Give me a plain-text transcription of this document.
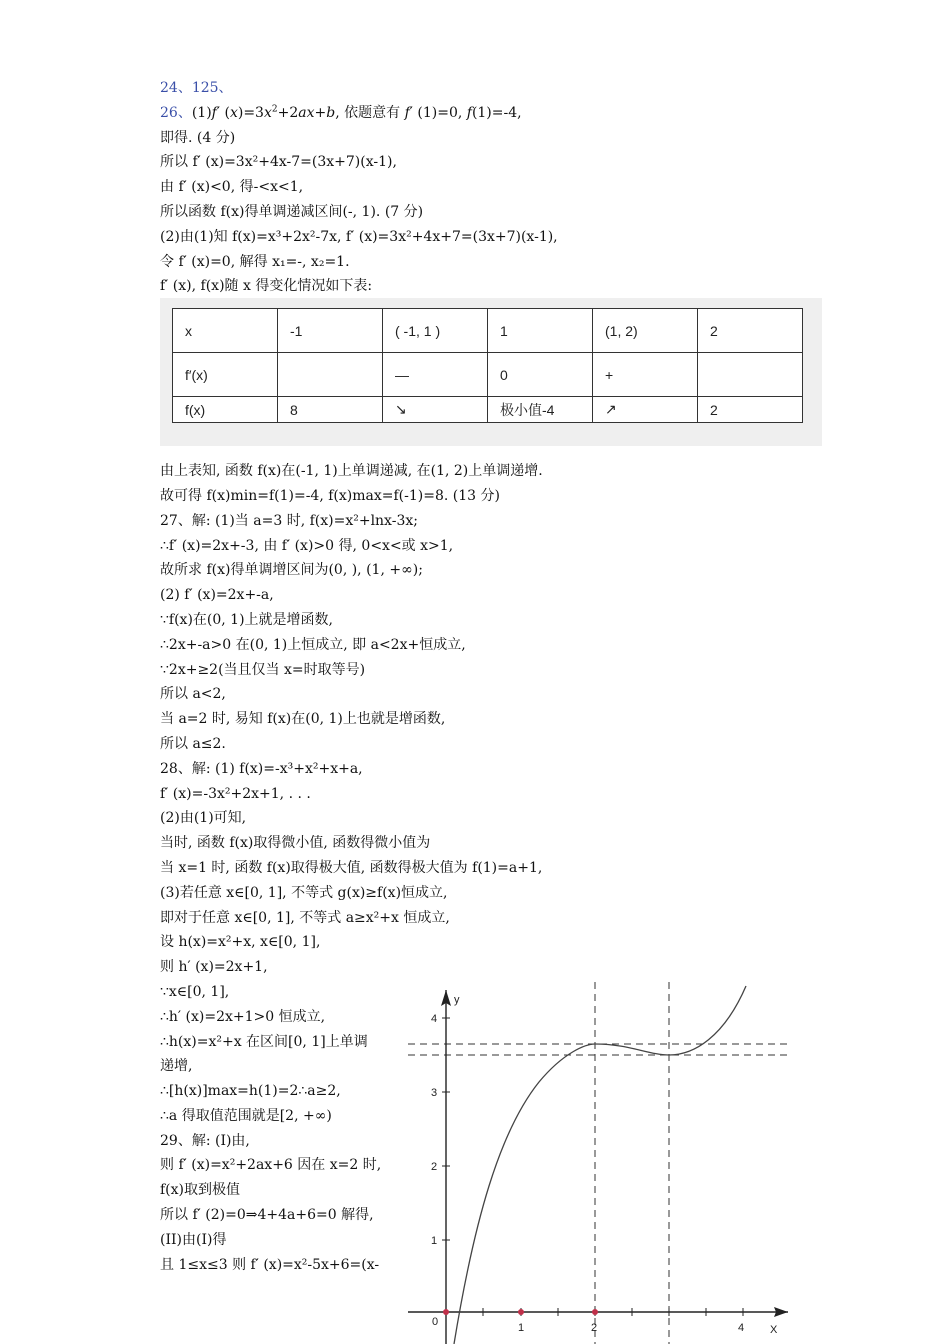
24、125、
26、(1)f′ $(x)=3x^2+2ax+b$, 依题意有 f′ (1)=0, f(1)=-4,
即得. (4 分)
所以 f′ (x)=3x²+4x-7=(3x+7)(x-1),
由 f′ (x)<0, 得-<x<1,
所以函数 f(x)得单调递减区间(-, 1). (7 分)
(2)由(1)知 f(x)=x³+2x²-7x, f′ (x)=3x²+4x+7=(3x+7)(x-1),
令 f′ (x)=0, 解得 x₁=-, x₂=1.
f′ (x), f(x)随 x 得变化情况如下表:
由上表知, 函数 f(x)在(-1, 1)上单调递减, 在(1, 2)上单调递增.
故可得 f(x)min=f(1)=-4, f(x)max=f(-1)=8. (13 分)
27、解: (1)当 a=3 时, f(x)=x²+lnx-3x;
∴f′ (x)=2x+-3, 由 f′ (x)>0 得, 0<x<或 x>1,
故所求 f(x)得单调增区间为(0, ), (1, +∞);
(2) f′ (x)=2x+-a,
∵f(x)在(0, 1)上就是增函数,
∴2x+-a>0 在(0, 1)上恒成立, 即 a<2x+恒成立,
∵2x+≥2(当且仅当 x=时取等号)
所以 a<2,
当 a=2 时, 易知 f(x)在(0, 1)上也就是增函数,
所以 a≤2.
28、解: (1) f(x)=-x³+x²+x+a,
f′ (x)=-3x²+2x+1, . . .
(2)由(1)可知,
当时, 函数 f(x)取得微小值, 函数得微小值为
当 x=1 时, 函数 f(x)取得极大值, 函数得极大值为 f(1)=a+1,
(3)若任意 x∈[0, 1], 不等式 g(x)≥f(x)恒成立,
即对于任意 x∈[0, 1], 不等式 a≥x²+x 恒成立,
设 h(x)=x²+x, x∈[0, 1],
则 h′ (x)=2x+1,
∵x∈[0, 1],
∴h′ (x)=2x+1>0 恒成立,
∴h(x)=x²+x 在区间[0, 1]上单调
递增,
∴[h(x)]max=h(1)=2∴a≥2,
∴a 得取值范围就是[2, +∞)
29、解: (I)由,
则 f′ (x)=x²+2ax+6 因在 x=2 时,
f(x)取到极值
所以 f′ (2)=0⇒4+4a+6=0 解得,
(II)由(I)得
且 1≤x≤3 则 f′ (x)=x²-5x+6=(x-
x	-1	( -1, 1 )	1	(1, 2)	2
f′(x)		—	0	+	
f(x)	8	↘	极小值-4	↗	2
y
X
0
1
2
3
4
1	2	4
